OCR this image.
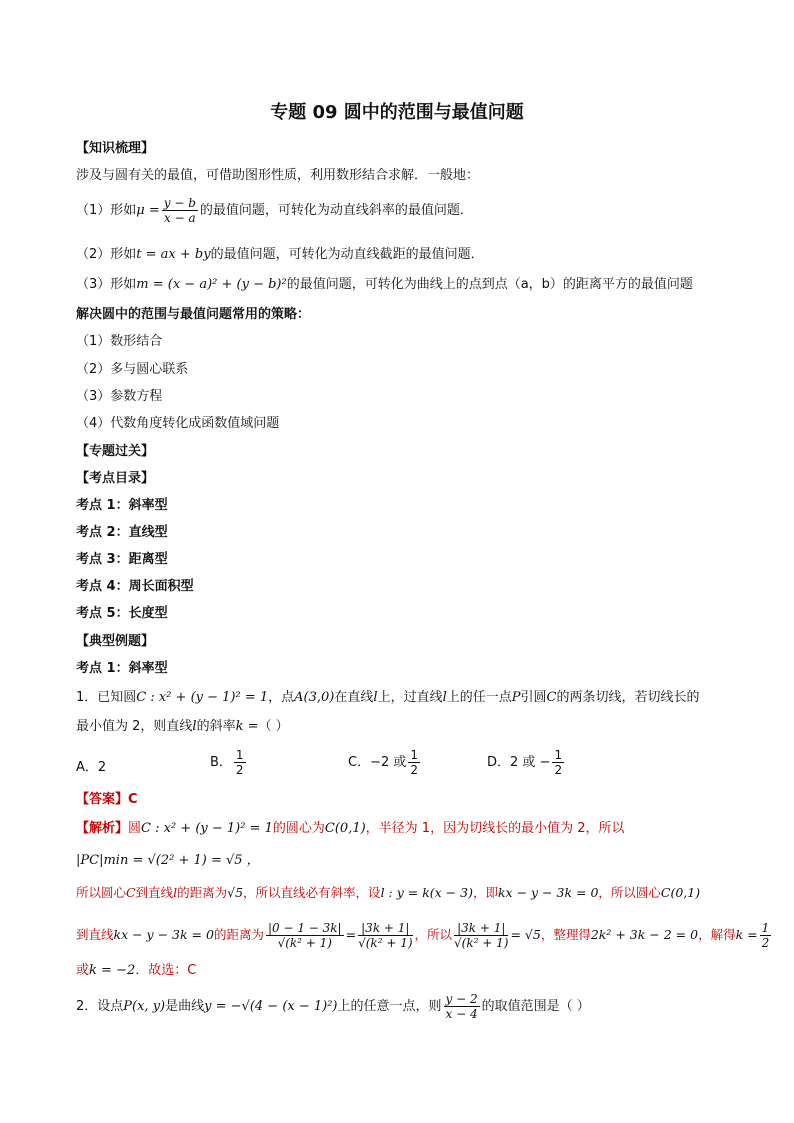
专题 09 圆中的范围与最值问题
【知识梳理】
涉及与圆有关的最值，可借助图形性质，利用数形结合求解．一般地：
（1）形如$\mu = \frac{y - b}{x - a}$ 的最值问题，可转化为动直线斜率的最值问题．
（2）形如t = ax + by的最值问题，可转化为动直线截距的最值问题．
（3）形如m = (x − a)² + (y − b)²的最值问题，可转化为曲线上的点到点（a，b）的距离平方的最值问题
解决圆中的范围与最值问题常用的策略：
（1）数形结合
（2）多与圆心联系
（3）参数方程
（4）代数角度转化成函数值域问题
【专题过关】
【考点目录】
考点 1：斜率型
考点 2：直线型
考点 3：距离型
考点 4：周长面积型
考点 5：长度型
【典型例题】
考点 1：斜率型
1．已知圆C : x² + (y − 1)² = 1，点A(3,0)在直线l上，过直线l上的任一点P引圆C的两条切线，若切线长的
最小值为 2，则直线l的斜率k =（ ）
A．2	B． $\frac{1}{2}$	C．−2 或 $\frac{1}{2}$	D．2 或 − $\frac{1}{2}$
【答案】C
【解析】圆C : x² + (y − 1)² = 1的圆心为C(0,1)，半径为 1，因为切线长的最小值为 2，所以
|PC|min = √(2² + 1) = √5 ，
所以圆心C到直线l的距离为√5，所以直线必有斜率，设l : y = k(x − 3)，即kx − y − 3k = 0，所以圆心C(0,1)
到直线kx − y − 3k = 0的距离为 $\frac{|0 - 1 - 3k|}{\text{√(k² + 1)}} = \frac{|3k + 1|}{\text{√(k² + 1)}}$ ，所以 $\frac{|3k + 1|}{\text{√(k² + 1)}} = √5$，整理得2k² + 3k − 2 = 0，解得$k = \frac{1}{2}$
或k = −2．故选：C
2．设点P(x, y)是曲线y = −√(4 − (x − 1)²)上的任意一点，则 $\frac{y - 2}{x - 4}$ 的取值范围是（ ）
